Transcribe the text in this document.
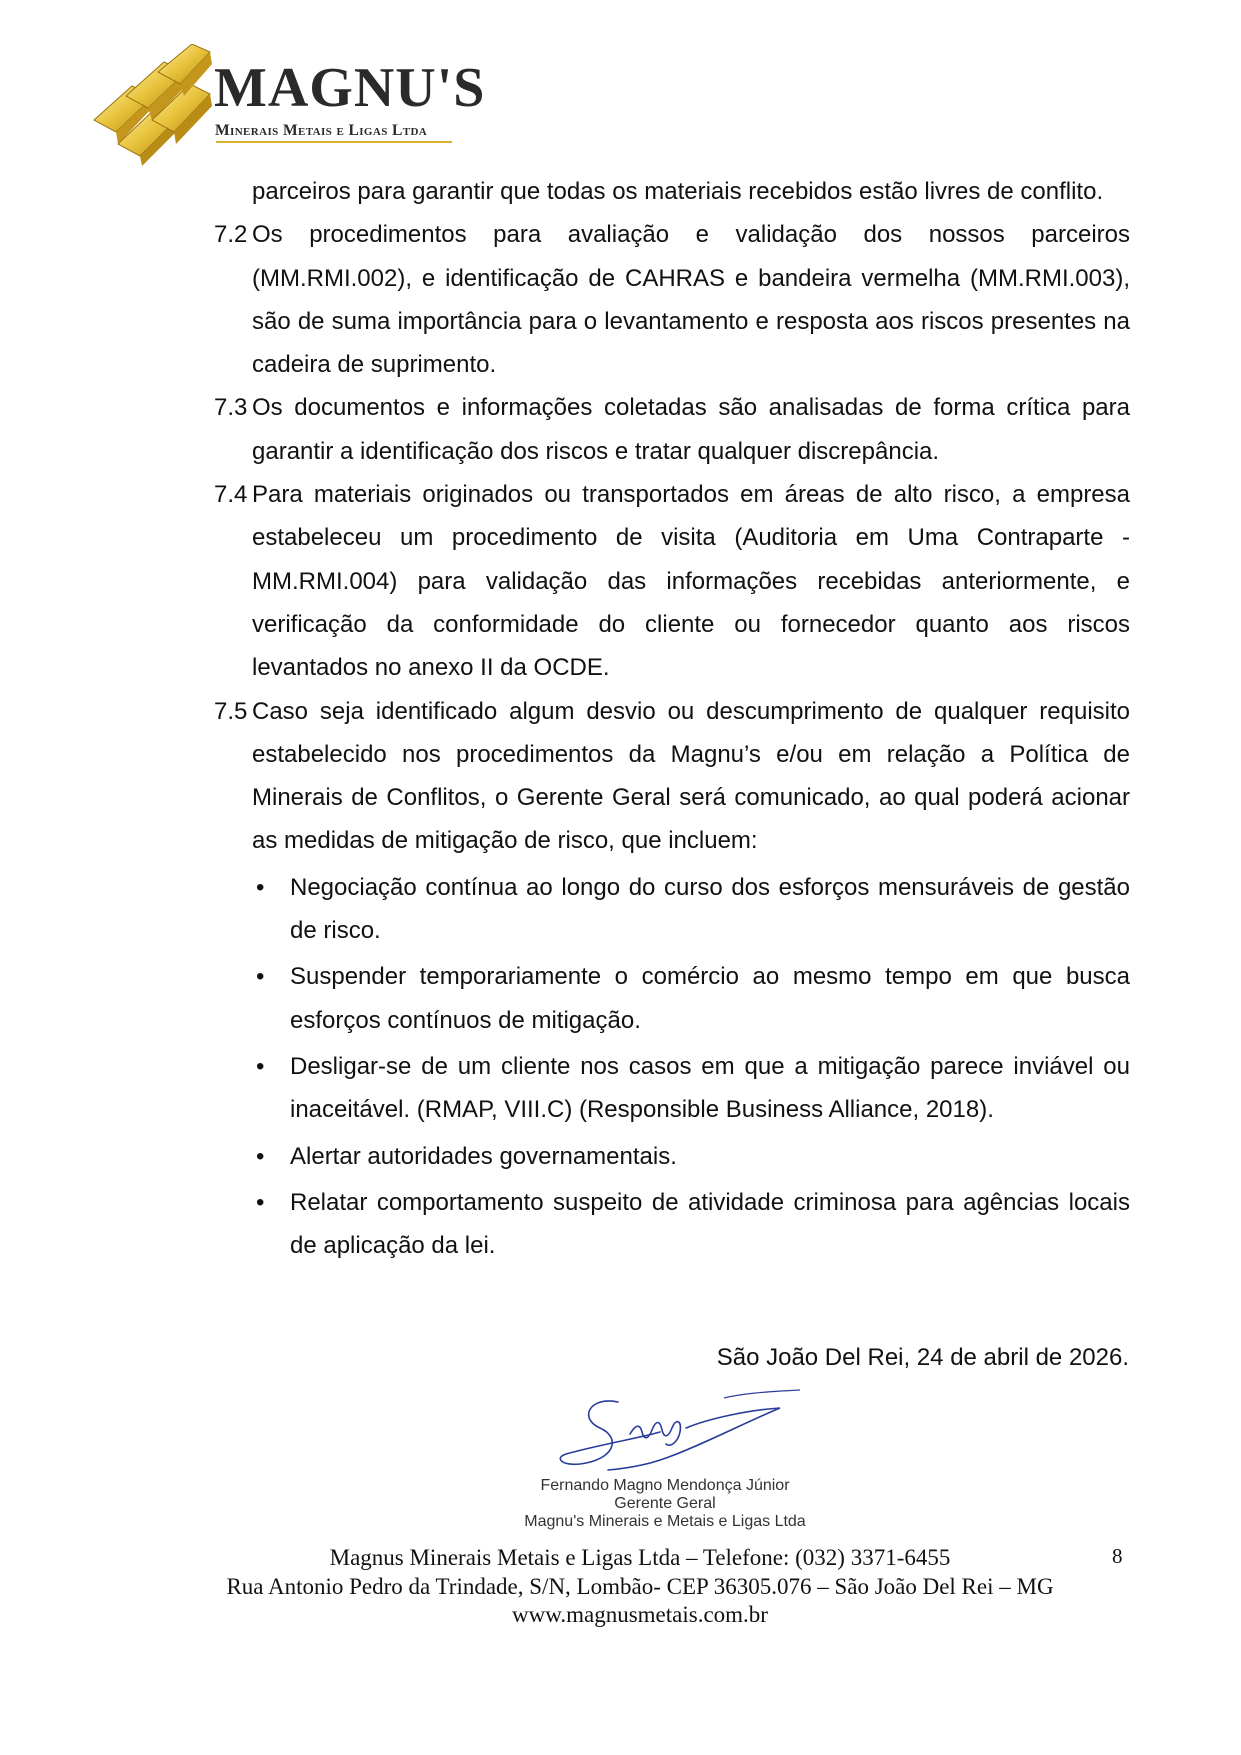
MAGNU'S
Minerais Metais e Ligas Ltda
parceiros para garantir que todas os materiais recebidos estão livres de conflito.
7.2 Os procedimentos para avaliação e validação dos nossos parceiros (MM.RMI.002), e identificação de CAHRAS e bandeira vermelha (MM.RMI.003), são de suma importância para o levantamento e resposta aos riscos presentes na cadeira de suprimento.
7.3 Os documentos e informações coletadas são analisadas de forma crítica para garantir a identificação dos riscos e tratar qualquer discrepância.
7.4 Para materiais originados ou transportados em áreas de alto risco, a empresa estabeleceu um procedimento de visita (Auditoria em Uma Contraparte - MM.RMI.004) para validação das informações recebidas anteriormente, e verificação da conformidade do cliente ou fornecedor quanto aos riscos levantados no anexo II da OCDE.
7.5 Caso seja identificado algum desvio ou descumprimento de qualquer requisito estabelecido nos procedimentos da Magnu’s e/ou em relação a Política de Minerais de Conflitos, o Gerente Geral será comunicado, ao qual poderá acionar as medidas de mitigação de risco, que incluem:
• Negociação contínua ao longo do curso dos esforços mensuráveis de gestão de risco.
• Suspender temporariamente o comércio ao mesmo tempo em que busca esforços contínuos de mitigação.
• Desligar-se de um cliente nos casos em que a mitigação parece inviável ou inaceitável. (RMAP, VIII.C) (Responsible Business Alliance, 2018).
• Alertar autoridades governamentais.
• Relatar comportamento suspeito de atividade criminosa para agências locais de aplicação da lei.
São João Del Rei, 24 de abril de 2026.
Fernando Magno Mendonça Júnior
Gerente Geral
Magnu's Minerais e Metais e Ligas Ltda
Magnus Minerais Metais e Ligas Ltda – Telefone: (032) 3371-6455
Rua Antonio Pedro da Trindade, S/N, Lombão- CEP 36305.076 – São João Del Rei – MG
www.magnusmetais.com.br
8
